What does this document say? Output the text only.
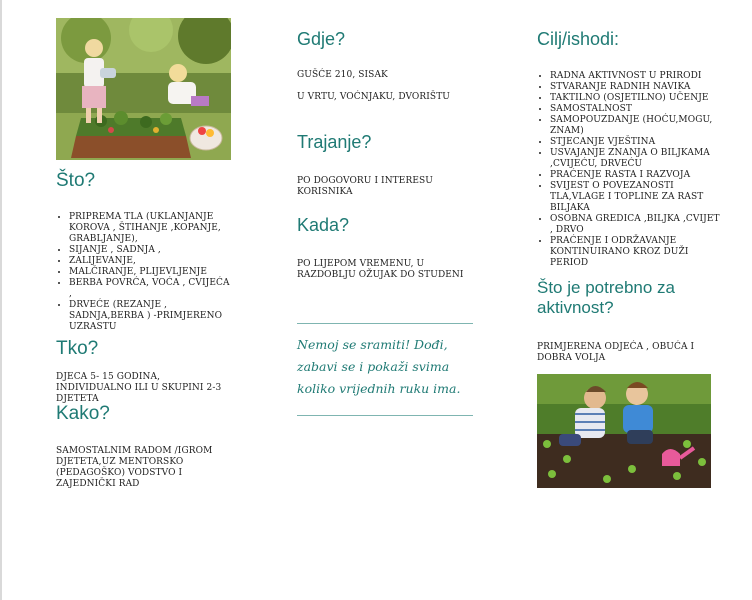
Što?
• PRIPREMA TLA (UKLANJANJE KOROVA , ŠTIHANJE ,KOPANJE, GRABLJANJE),
• SIJANJE , SADNJA ,
• ZALIJEVANJE,
• MALČIRANJE, PLIJEVLJENJE
• BERBA POVRĆA, VOĆA , CVIJEĆA ,
• DRVEĆE (REZANJE , SADNJA,BERBA ) -PRIMJERENO UZRASTU
Tko?
DJECA 5- 15 GODINA, INDIVIDUALNO ILI U SKUPINI 2-3 DJETETA
Kako?
SAMOSTALNIM RADOM /IGROM DJETETA,UZ MENTORSKO (PEDAGOŠKO) VODSTVO I ZAJEDNIČKI RAD
Gdje?
GUŠĆE 210, SISAK
U VRTU, VOĆNJAKU, DVORIŠTU
Trajanje?
PO DOGOVORU I INTERESU KORISNIKA
Kada?
PO LIJEPOM VREMENU, U RAZDOBLJU OŽUJAK DO STUDENI

Nemoj se sramiti! Dođi, zabavi se i pokaži svima koliko vrijednih ruku ima.

Cilj/ishodi:
• RADNA AKTIVNOST U PRIRODI
• STVARANJE RADNIH NAVIKA
• TAKTILNO (OSJETILNO) UČENJE
• SAMOSTALNOST
• SAMOPOUZDANJE (HOĆU,MOGU, ZNAM)
• STJECANJE VJEŠTINA
• USVAJANJE ZNANJA O BILJKAMA ,CVIJEĆU, DRVEĆU
• PRAĆENJE RASTA I RAZVOJA
• SVIJEST O POVEZANOSTI TLA,VLAGE I TOPLINE ZA RAST BILJAKA
• OSOBNA GREDICA ,BILJKA ,CVIJET , DRVO
• PRAĆENJE I ODRŽAVANJE KONTINUIRANO KROZ DUŽI PERIOD
Što je potrebno za aktivnost?
PRIMJERENA ODJEĆA , OBUĆA I DOBRA VOLJA
